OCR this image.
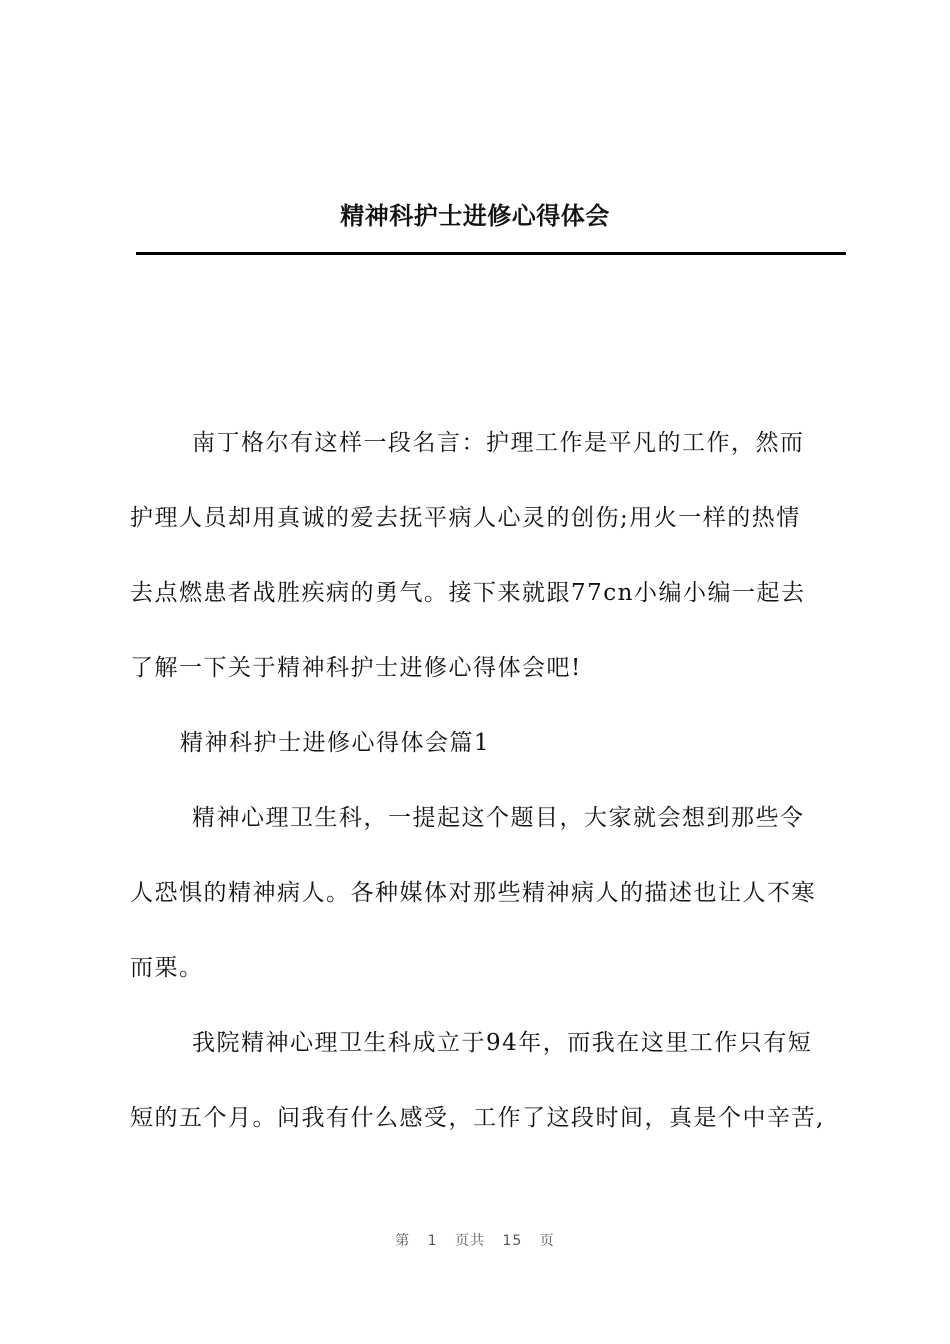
精神科护士进修心得体会
南丁格尔有这样一段名言：护理工作是平凡的工作，然而
护理人员却用真诚的爱去抚平病人心灵的创伤;用火一样的热情
去点燃患者战胜疾病的勇气。接下来就跟77cn小编小编一起去
了解一下关于精神科护士进修心得体会吧!
精神科护士进修心得体会篇1
精神心理卫生科，一提起这个题目，大家就会想到那些令
人恐惧的精神病人。各种媒体对那些精神病人的描述也让人不寒
而栗。
我院精神心理卫生科成立于94年，而我在这里工作只有短
短的五个月。问我有什么感受，工作了这段时间，真是个中辛苦,
第 1 页共 15 页
